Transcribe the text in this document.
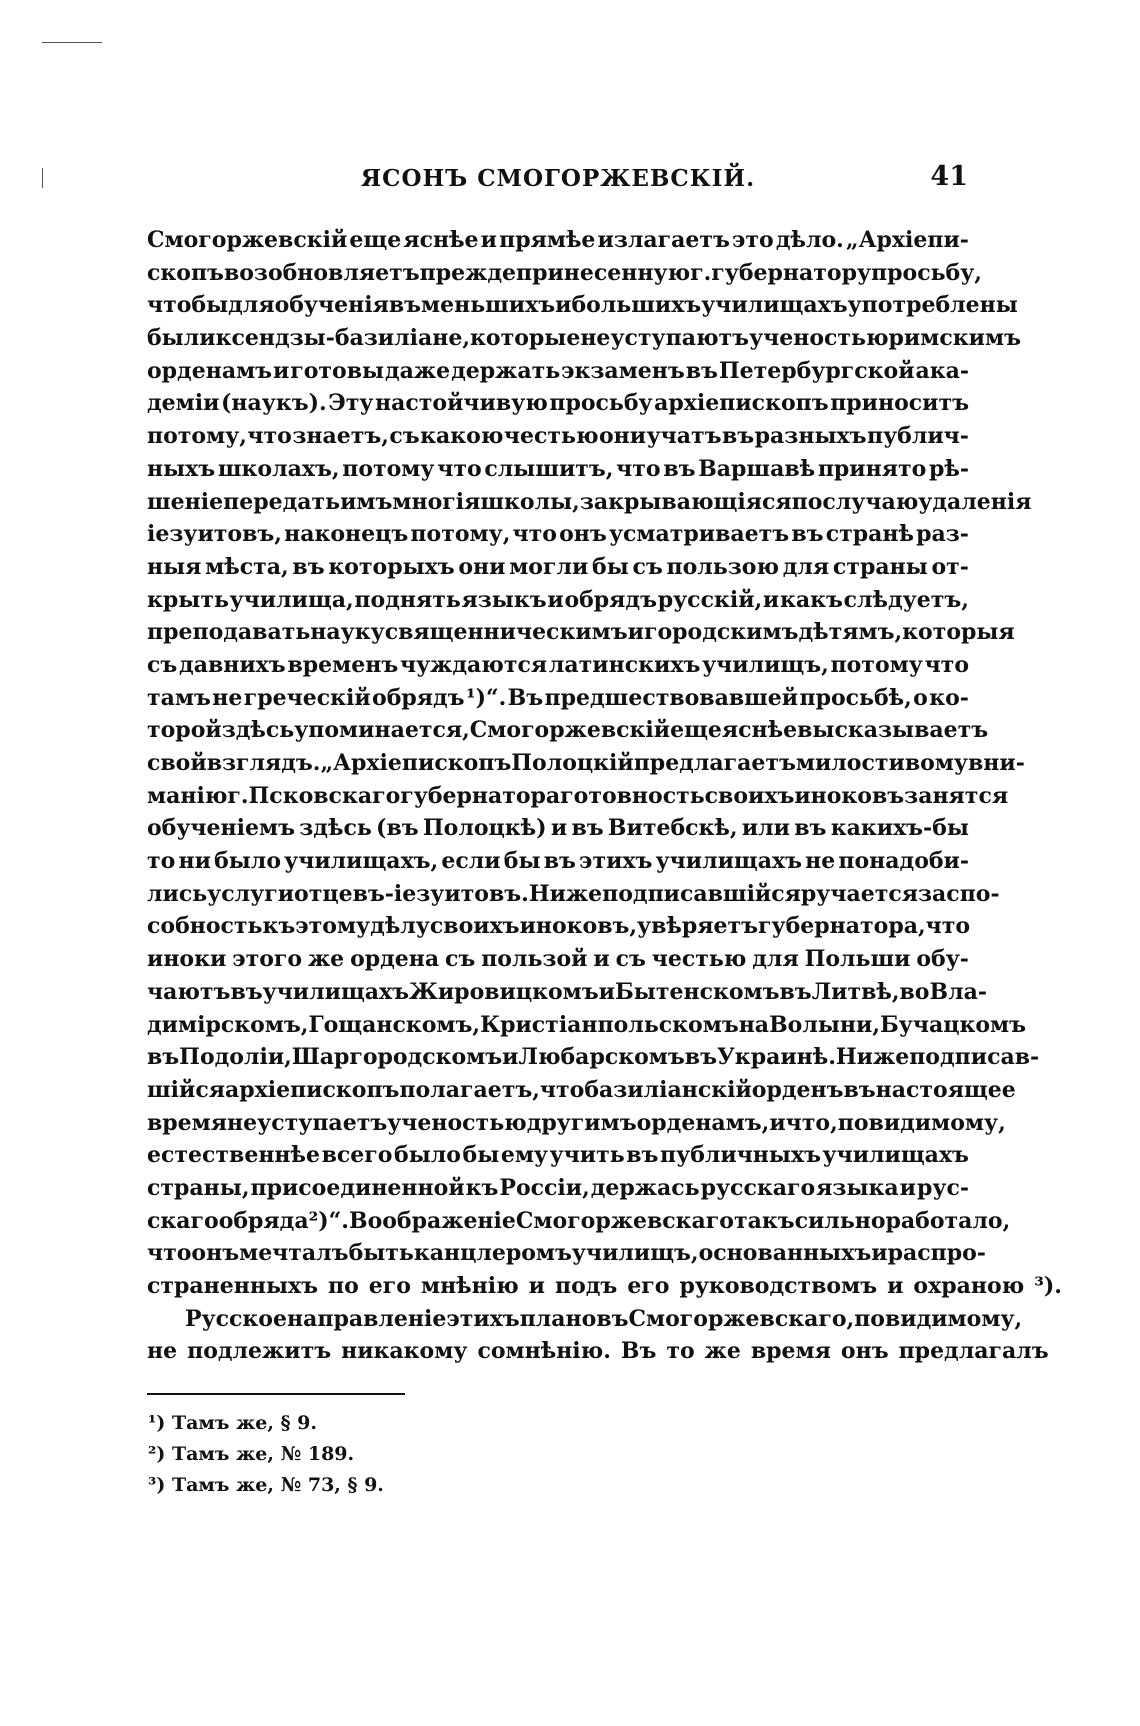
ЯСОНЪ СМОГОРЖЕВСКІЙ.	41
Смогоржевскій еще яснѣе и прямѣе излагаетъ это дѣло. „Архіепи-
скопъ возобновляетъ прежде принесенную г. губернатору просьбу,
чтобы для обученія въ меньшихъ и большихъ училищахъ употреблены
были ксендзы-базиліане, которые не уступаютъ ученостью римскимъ
орденамъ и готовы даже держать экзаменъ въ Петербургской ака-
деміи (наукъ). Эту настойчивую просьбу архіепископъ приноситъ
потому, что знаетъ, съ какою честью они учатъ въ разныхъ публич-
ныхъ школахъ, потому что слышитъ, что въ Варшавѣ принято рѣ-
шеніе передать имъ многія школы, закрывающіяся по случаю удаленія
іезуитовъ, наконецъ потому, что онъ усматриваетъ въ странѣ раз-
ныя мѣста, въ которыхъ они могли бы съ пользою для страны от-
крыть училища, поднять языкъ и обрядъ русскій, и какъ слѣдуетъ,
преподавать науку священническимъ и городскимъ дѣтямъ, которыя
съ давнихъ временъ чуждаются латинскихъ училищъ, потому что
тамъ не греческій обрядъ ¹)“. Въ предшествовавшей просьбѣ, о ко-
торой здѣсь упоминается, Смогоржевскій еще яснѣе высказываетъ
свой взглядъ. „Архіепископъ Полоцкій предлагаетъ милостивому вни-
манію г. Псковскаго губернатора готовность своихъ иноковъ занятся
обученіемъ здѣсь (въ Полоцкѣ) и въ Витебскѣ, или въ какихъ-бы
то ни было училищахъ, если бы въ этихъ училищахъ не понадоби-
лись услуги отцевъ-іезуитовъ. Нижеподписавшійся ручается за спо-
собность къ этому дѣлу своихъ иноковъ, увѣряетъ губернатора, что
иноки этого же ордена съ пользой и съ честью для Польши обу-
чаютъ въ училищахъ Жировицкомъ и Бытенскомъ въ Литвѣ, во Вла-
димірскомъ, Гощанскомъ, Кристіанпольскомъ на Волыни, Бучацкомъ
въ Подоліи, Шаргородскомъ и Любарскомъ въ Украинѣ. Нижеподписав-
шійся архіепископъ полагаетъ, что базиліанскій орденъ въ настоящее
время не уступаетъ ученостью другимъ орденамъ, и что, по видимому,
естественнѣе всего было бы ему учить въ публичныхъ училищахъ
страны, присоединенной къ Россіи, держась русскаго языка и рус-
скаго обряда ²)“. Воображеніе Смогоржевскаго такъ сильно работало,
что онъ мечталъ быть канцлеромъ училищъ, основанныхъ и распро-
страненныхъ по его мнѣнію и подъ его руководствомъ и охраною ³).
Русское направленіе этихъ плановъ Смогоржевскаго, по видимому,
не подлежитъ никакому сомнѣнію. Въ то же время онъ предлагалъ
¹) Тамъ же, § 9.
²) Тамъ же, № 189.
³) Тамъ же, № 73, § 9.
